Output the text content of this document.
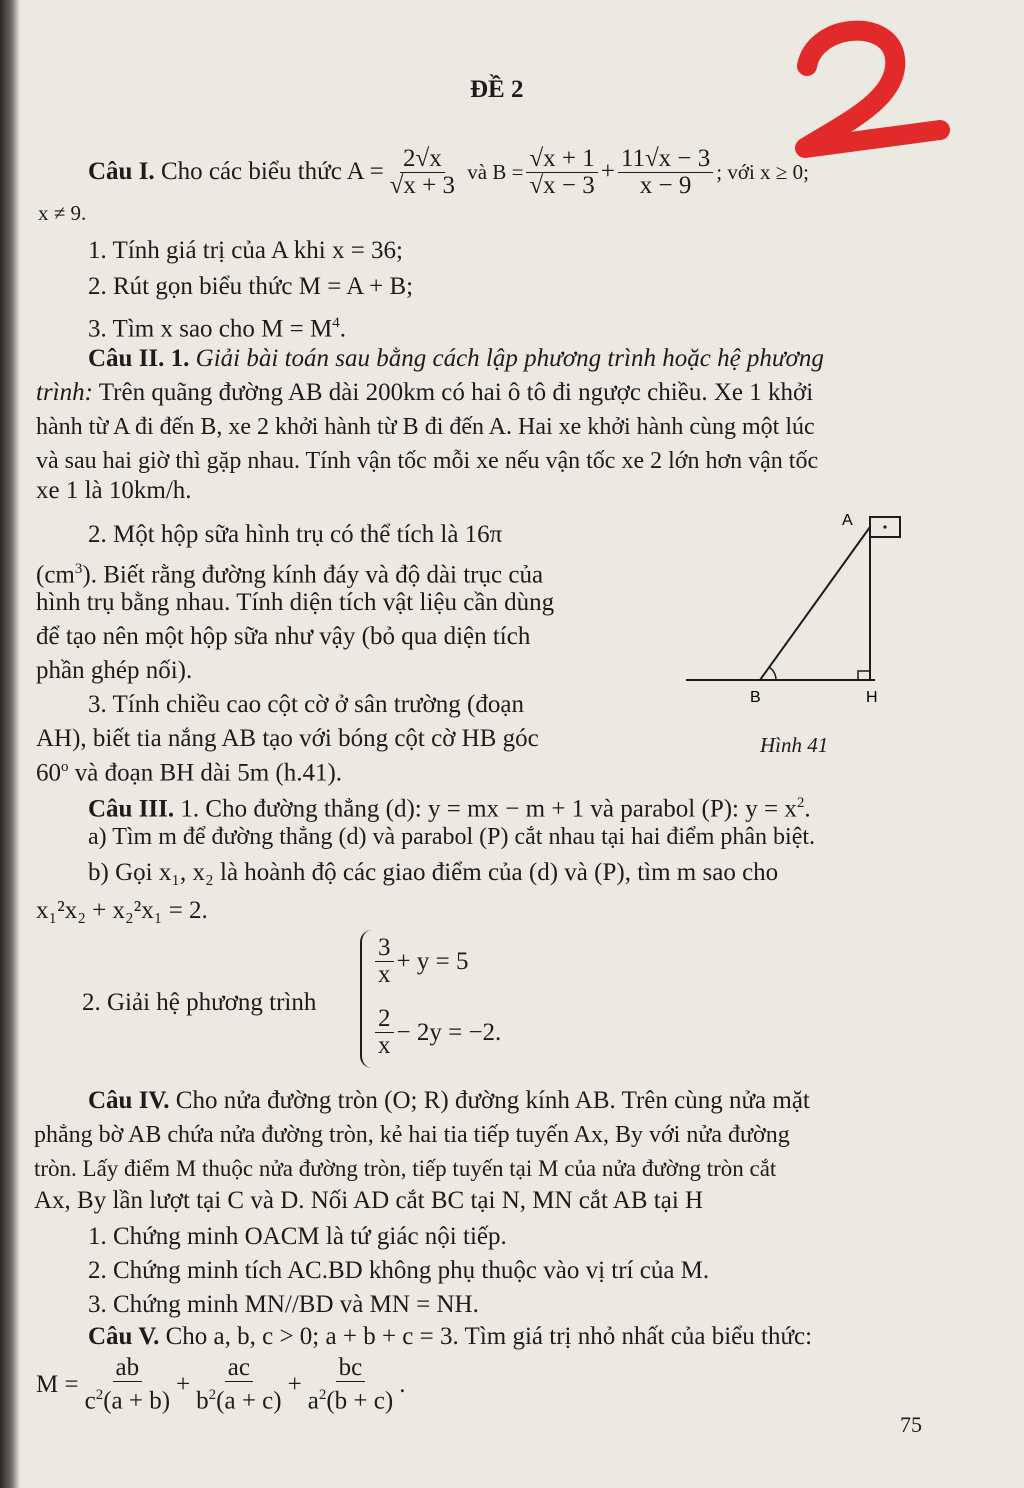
ĐỀ 2
Câu I.
Cho các biểu thức $A = \frac{2√x}{√x + 3}$
và $B = \frac{√x + 1}{√x - 3} + \frac{11√x - 3}{x - 9}$ ; với x ≥ 0;
x ≠ 9.
1. Tính giá trị của A khi x = 36;
2. Rút gọn biểu thức M = A + B;
3. Tìm x sao cho $M = M^4$.
Câu II. 1. Giải bài toán sau bằng cách lập phương trình hoặc hệ phương
trình: Trên quãng đường AB dài 200km có hai ô tô đi ngược chiều. Xe 1 khởi
hành từ A đi đến B, xe 2 khởi hành từ B đi đến A. Hai xe khởi hành cùng một lúc
và sau hai giờ thì gặp nhau. Tính vận tốc mỗi xe nếu vận tốc xe 2 lớn hơn vận tốc
xe 1 là 10km/h.
2. Một hộp sữa hình trụ có thể tích là 16π
$(cm^3)$. Biết rằng đường kính đáy và độ dài trục của
hình trụ bằng nhau. Tính diện tích vật liệu cần dùng
để tạo nên một hộp sữa như vậy (bỏ qua diện tích
phần ghép nối).
3. Tính chiều cao cột cờ ở sân trường (đoạn
AH), biết tia nắng AB tạo với bóng cột cờ HB góc
60$^o$ và đoạn BH dài 5m (h.41).
A
B	H
Hình 41
Câu III. 1. Cho đường thẳng (d): y = mx − m + 1 và parabol (P): $y = x^2$.
a) Tìm m để đường thẳng (d) và parabol (P) cắt nhau tại hai điểm phân biệt.
b) Gọi x₁, x₂ là hoành độ các giao điểm của (d) và (P), tìm m sao cho
x₁²x₂ + x₂²x₁ = 2.
2. Giải hệ phương trình
$\frac{3}{x} + y = 5$
$\frac{2}{x} - 2y = -2$.
Câu IV. Cho nửa đường tròn (O; R) đường kính AB. Trên cùng nửa mặt
phẳng bờ AB chứa nửa đường tròn, kẻ hai tia tiếp tuyến Ax, By với nửa đường
tròn. Lấy điểm M thuộc nửa đường tròn, tiếp tuyến tại M của nửa đường tròn cắt
Ax, By lần lượt tại C và D. Nối AD cắt BC tại N, MN cắt AB tại H
1. Chứng minh OACM là tứ giác nội tiếp.
2. Chứng minh tích AC.BD không phụ thuộc vào vị trí của M.
3. Chứng minh MN//BD và MN = NH.
Câu V. Cho a, b, c > 0; a + b + c = 3. Tìm giá trị nhỏ nhất của biểu thức:
$M = \frac{ab}{c^2(a + b)} + \frac{ac}{b^2(a + c)} + \frac{bc}{a^2(b + c)}$ .
75
